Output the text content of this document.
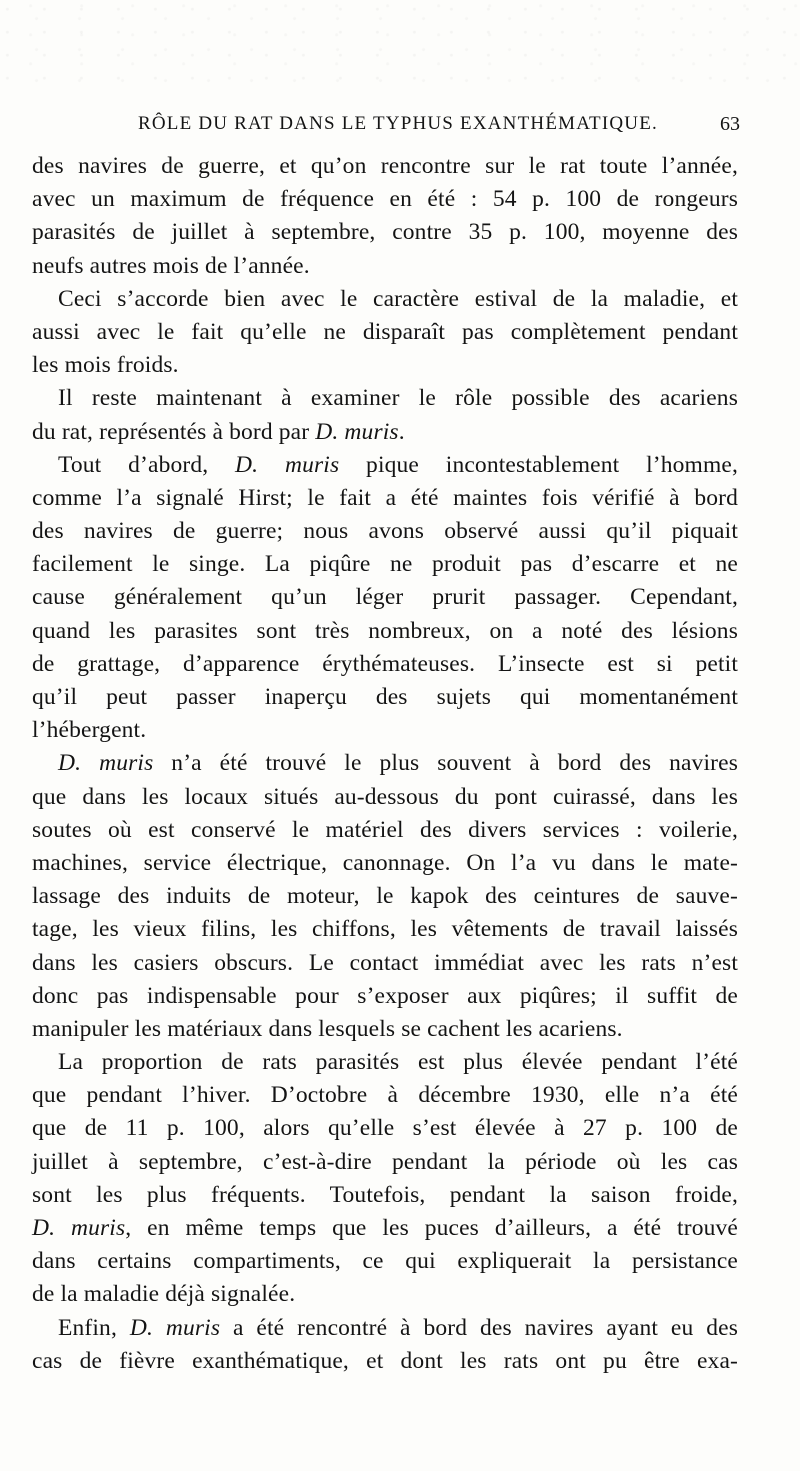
RÔLE DU RAT DANS LE TYPHUS EXANTHÉMATIQUE.	63
des navires de guerre, et qu’on rencontre sur le rat toute l’année,
avec un maximum de fréquence en été : 54 p. 100 de rongeurs
parasités de juillet à septembre, contre 35 p. 100, moyenne des
neufs autres mois de l’année.
Ceci s’accorde bien avec le caractère estival de la maladie, et
aussi avec le fait qu’elle ne disparaît pas complètement pendant
les mois froids.
Il reste maintenant à examiner le rôle possible des acariens
du rat, représentés à bord par D. muris.
Tout d’abord, D. muris pique incontestablement l’homme,
comme l’a signalé Hirst; le fait a été maintes fois vérifié à bord
des navires de guerre; nous avons observé aussi qu’il piquait
facilement le singe. La piqûre ne produit pas d’escarre et ne
cause généralement qu’un léger prurit passager. Cependant,
quand les parasites sont très nombreux, on a noté des lésions
de grattage, d’apparence érythémateuses. L’insecte est si petit
qu’il peut passer inaperçu des sujets qui momentanément
l’hébergent.
D. muris n’a été trouvé le plus souvent à bord des navires
que dans les locaux situés au-dessous du pont cuirassé, dans les
soutes où est conservé le matériel des divers services : voilerie,
machines, service électrique, canonnage. On l’a vu dans le mate-
lassage des induits de moteur, le kapok des ceintures de sauve-
tage, les vieux filins, les chiffons, les vêtements de travail laissés
dans les casiers obscurs. Le contact immédiat avec les rats n’est
donc pas indispensable pour s’exposer aux piqûres; il suffit de
manipuler les matériaux dans lesquels se cachent les acariens.
La proportion de rats parasités est plus élevée pendant l’été
que pendant l’hiver. D’octobre à décembre 1930, elle n’a été
que de 11 p. 100, alors qu’elle s’est élevée à 27 p. 100 de
juillet à septembre, c’est-à-dire pendant la période où les cas
sont les plus fréquents. Toutefois, pendant la saison froide,
D. muris, en même temps que les puces d’ailleurs, a été trouvé
dans certains compartiments, ce qui expliquerait la persistance
de la maladie déjà signalée.
Enfin, D. muris a été rencontré à bord des navires ayant eu des
cas de fièvre exanthématique, et dont les rats ont pu être exa-
